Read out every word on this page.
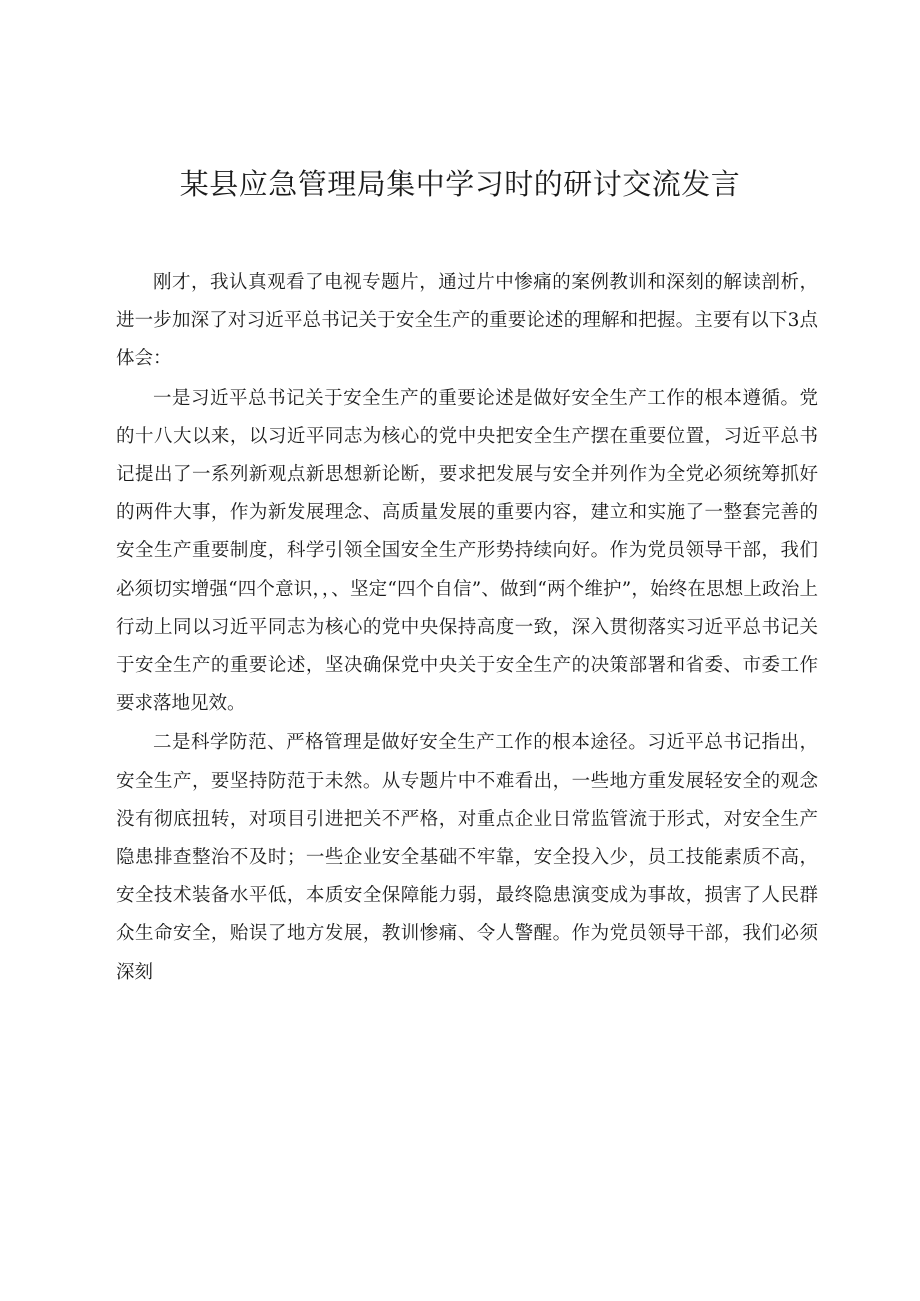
某县应急管理局集中学习时的研讨交流发言

刚才，我认真观看了电视专题片，通过片中惨痛的案例教训和深刻的解读剖析，进一步加深了对习近平总书记关于安全生产的重要论述的理解和把握。主要有以下3点体会：

一是习近平总书记关于安全生产的重要论述是做好安全生产工作的根本遵循。党的十八大以来，以习近平同志为核心的党中央把安全生产摆在重要位置，习近平总书记提出了一系列新观点新思想新论断，要求把发展与安全并列作为全党必须统筹抓好的两件大事，作为新发展理念、高质量发展的重要内容，建立和实施了一整套完善的安全生产重要制度，科学引领全国安全生产形势持续向好。作为党员领导干部，我们必须切实增强“四个意识，，、坚定“四个自信”、做到“两个维护”，始终在思想上政治上行动上同以习近平同志为核心的党中央保持高度一致，深入贯彻落实习近平总书记关于安全生产的重要论述，坚决确保党中央关于安全生产的决策部署和省委、市委工作要求落地见效。

二是科学防范、严格管理是做好安全生产工作的根本途径。习近平总书记指出，安全生产，要坚持防范于未然。从专题片中不难看出，一些地方重发展轻安全的观念没有彻底扭转，对项目引进把关不严格，对重点企业日常监管流于形式，对安全生产隐患排查整治不及时；一些企业安全基础不牢靠，安全投入少，员工技能素质不高，安全技术装备水平低，本质安全保障能力弱，最终隐患演变成为事故，损害了人民群众生命安全，贻误了地方发展，教训惨痛、令人警醒。作为党员领导干部，我们必须深刻
